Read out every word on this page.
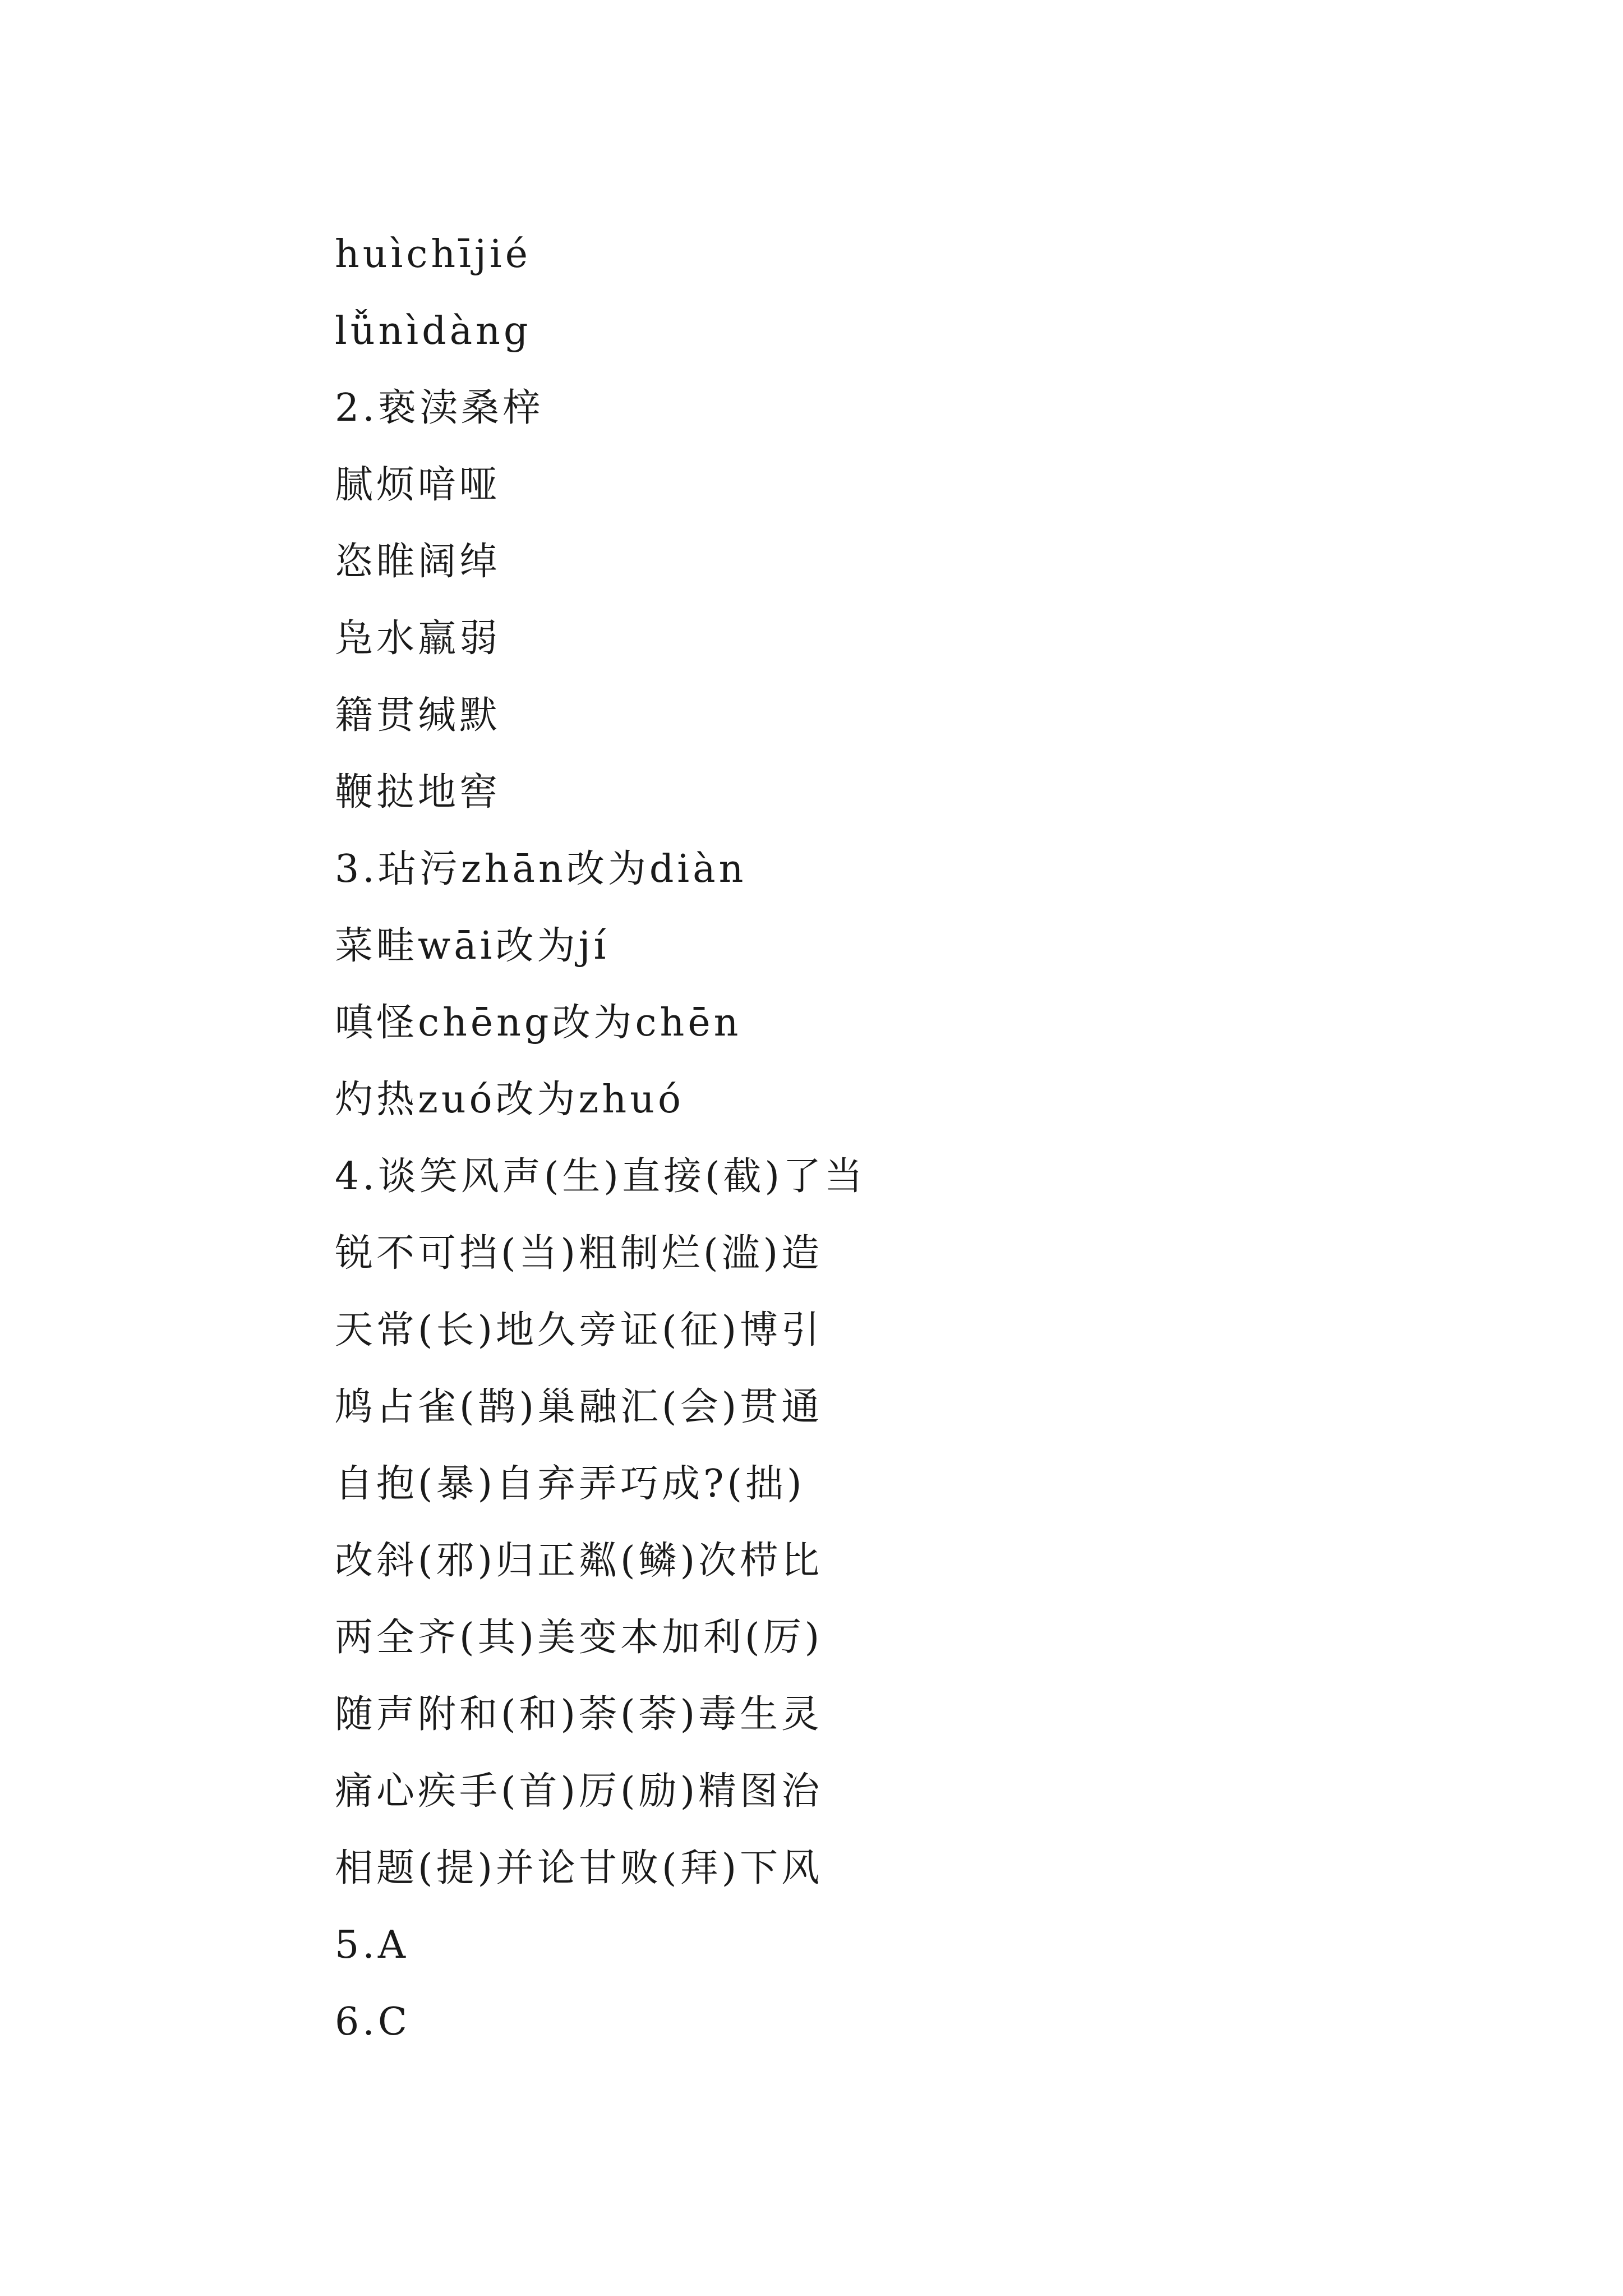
huìchījié
lǚnìdàng
2.亵渎桑梓
腻烦喑哑
恣睢阔绰
凫水羸弱
籍贯缄默
鞭挞地窖
3.玷污zhān改为diàn
菜畦wāi改为jí
嗔怪chēng改为chēn
灼热zuó改为zhuó
4.谈笑风声(生)直接(截)了当
锐不可挡(当)粗制烂(滥)造
天常(长)地久旁证(征)博引
鸠占雀(鹊)巢融汇(会)贯通
自抱(暴)自弃弄巧成?(拙)
改斜(邪)归正粼(鳞)次栉比
两全齐(其)美变本加利(厉)
随声附和(和)荼(荼)毒生灵
痛心疾手(首)厉(励)精图治
相题(提)并论甘败(拜)下风
5.A
6.C
